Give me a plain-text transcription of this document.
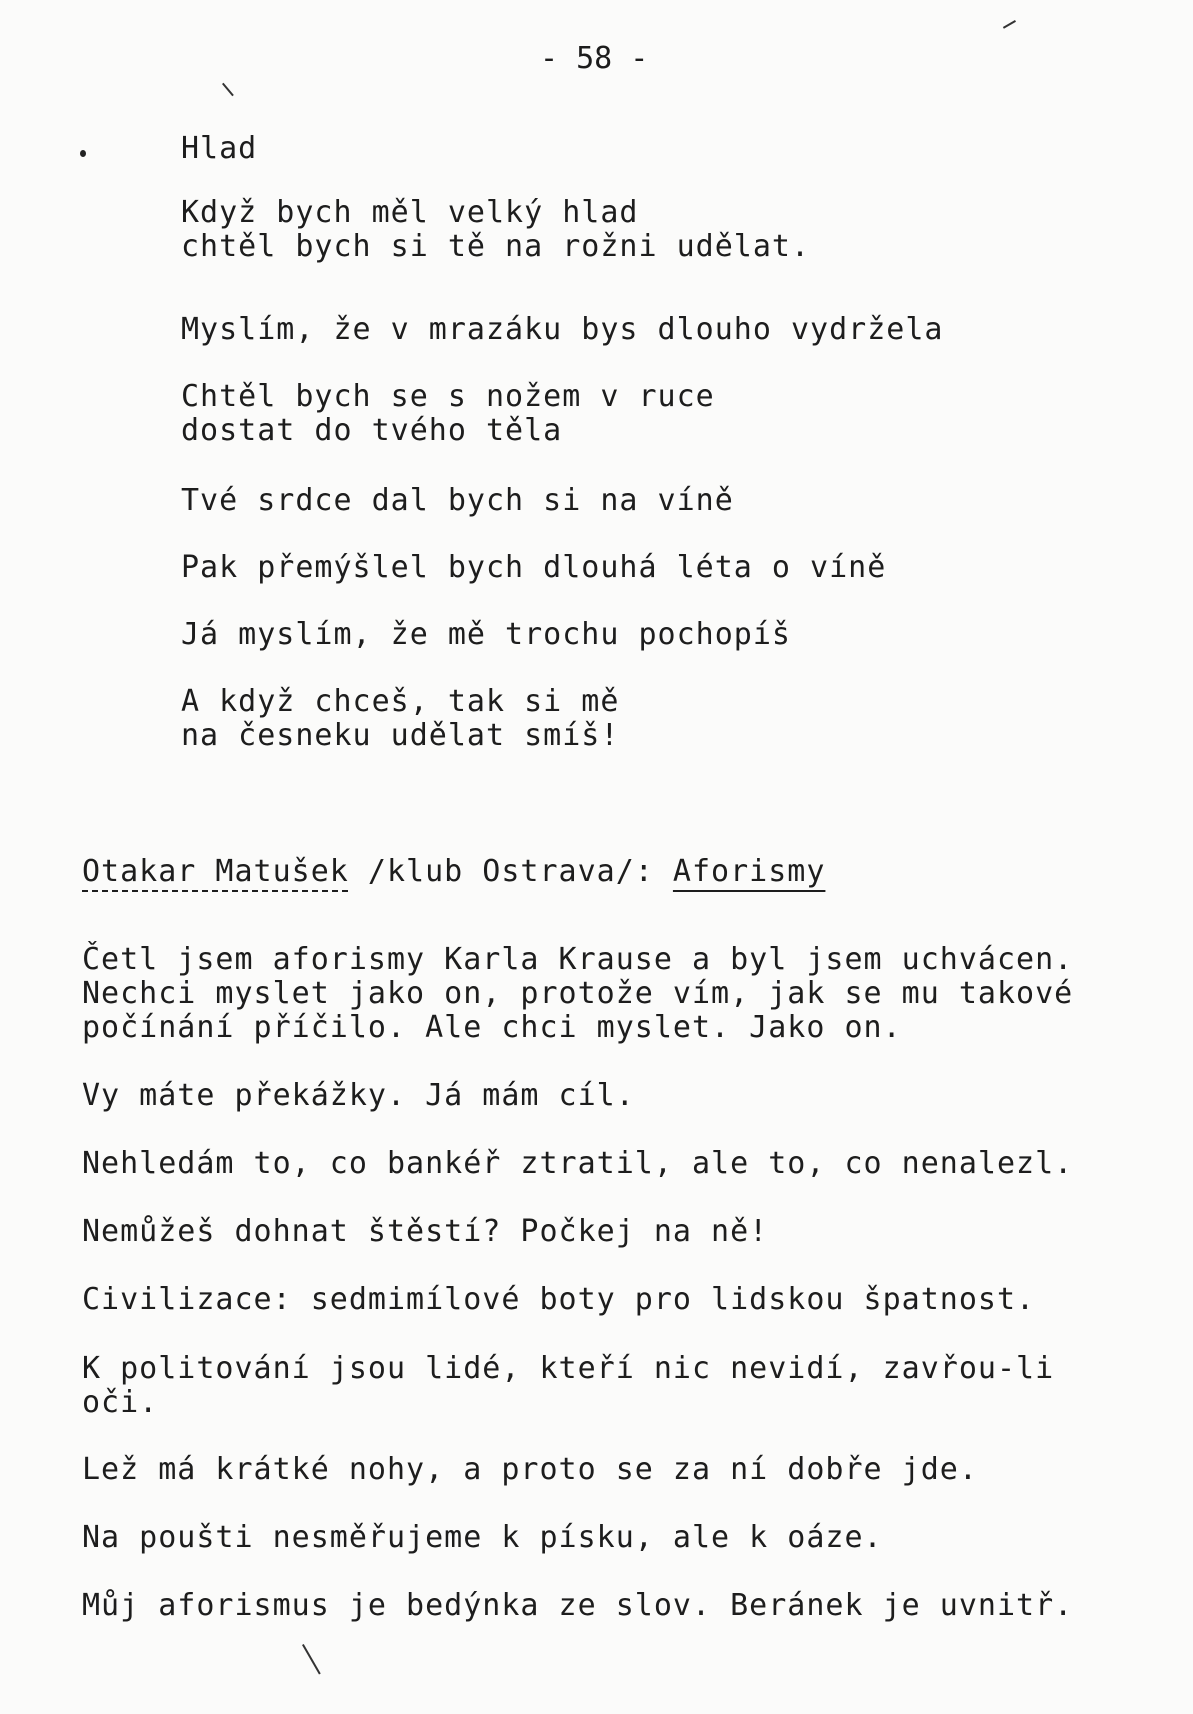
- 58 -
Hlad
Když bych měl velký hlad
chtěl bych si tě na rožni udělat.
Myslím, že v mrazáku bys dlouho vydržela
Chtěl bych se s nožem v ruce
dostat do tvého těla
Tvé srdce dal bych si na víně
Pak přemýšlel bych dlouhá léta o víně
Já myslím, že mě trochu pochopíš
A když chceš, tak si mě
na česneku udělat smíš!
Otakar Matušek /klub Ostrava/: Aforismy
Četl jsem aforismy Karla Krause a byl jsem uchvácen.
Nechci myslet jako on, protože vím, jak se mu takové
počínání příčilo. Ale chci myslet. Jako on.
Vy máte překážky. Já mám cíl.
Nehledám to, co bankéř ztratil, ale to, co nenalezl.
Nemůžeš dohnat štěstí? Počkej na ně!
Civilizace: sedmimílové boty pro lidskou špatnost.
K politování jsou lidé, kteří nic nevidí, zavřou-li
oči.
Lež má krátké nohy, a proto se za ní dobře jde.
Na poušti nesměřujeme k písku, ale k oáze.
Můj aforismus je bedýnka ze slov. Beránek je uvnitř.
